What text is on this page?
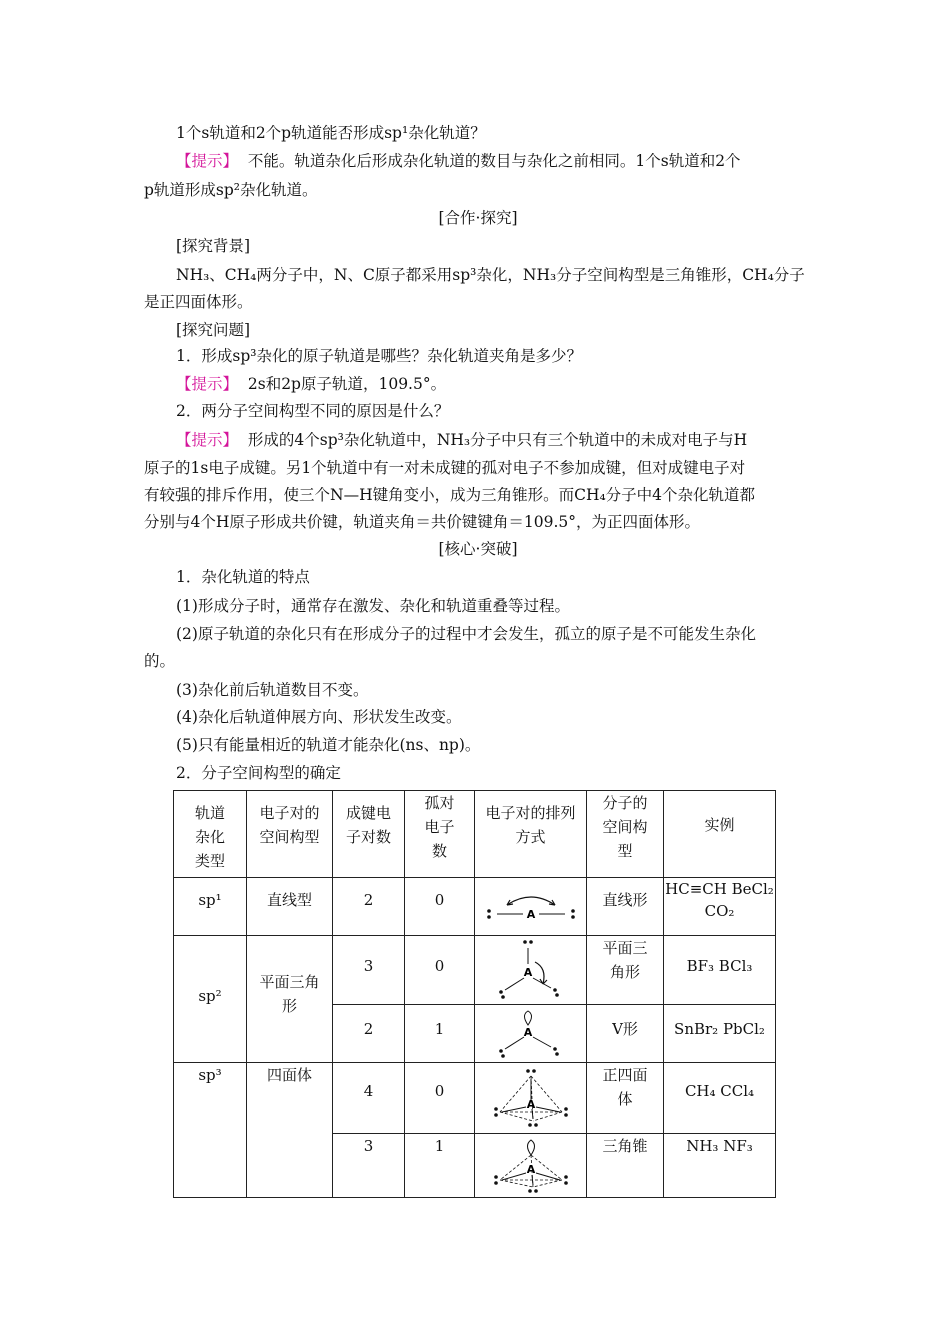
1个s轨道和2个p轨道能否形成sp¹杂化轨道？
【提示】 不能。轨道杂化后形成杂化轨道的数目与杂化之前相同。1个s轨道和2个
p轨道形成sp²杂化轨道。
[合作·探究]
[探究背景]
NH₃、CH₄两分子中，N、C原子都采用sp³杂化，NH₃分子空间构型是三角锥形，CH₄分子
是正四面体形。
[探究问题]
1．形成sp³杂化的原子轨道是哪些？杂化轨道夹角是多少？
【提示】 2s和2p原子轨道，109.5°。
2．两分子空间构型不同的原因是什么？
【提示】 形成的4个sp³杂化轨道中，NH₃分子中只有三个轨道中的未成对电子与H
原子的1s电子成键。另1个轨道中有一对未成键的孤对电子不参加成键，但对成键电子对
有较强的排斥作用，使三个N—H键角变小，成为三角锥形。而CH₄分子中4个杂化轨道都
分别与4个H原子形成共价键，轨道夹角＝共价键键角＝109.5°，为正四面体形。
[核心·突破]
1．杂化轨道的特点
(1)形成分子时，通常存在激发、杂化和轨道重叠等过程。
(2)原子轨道的杂化只有在形成分子的过程中才会发生，孤立的原子是不可能发生杂化
的。
(3)杂化前后轨道数目不变。
(4)杂化后轨道伸展方向、形状发生改变。
(5)只有能量相近的轨道才能杂化(ns、np)。
2．分子空间构型的确定
轨道杂化类型	电子对的空间构型	成键电子对数	孤对电子数	电子对的排列方式	分子的空间构型	实例

sp¹	直线型	2	0	A	直线形	HC≡CH BeCl₂ CO₂
sp²	平面三角形	3	0	A	平面三角形	BF₃ BCl₃
		2	1	A	V形	SnBr₂ PbCl₂
sp³	四面体	4	0	A	正四面体	CH₄ CCl₄
		3	1	A	三角锥	NH₃ NF₃
